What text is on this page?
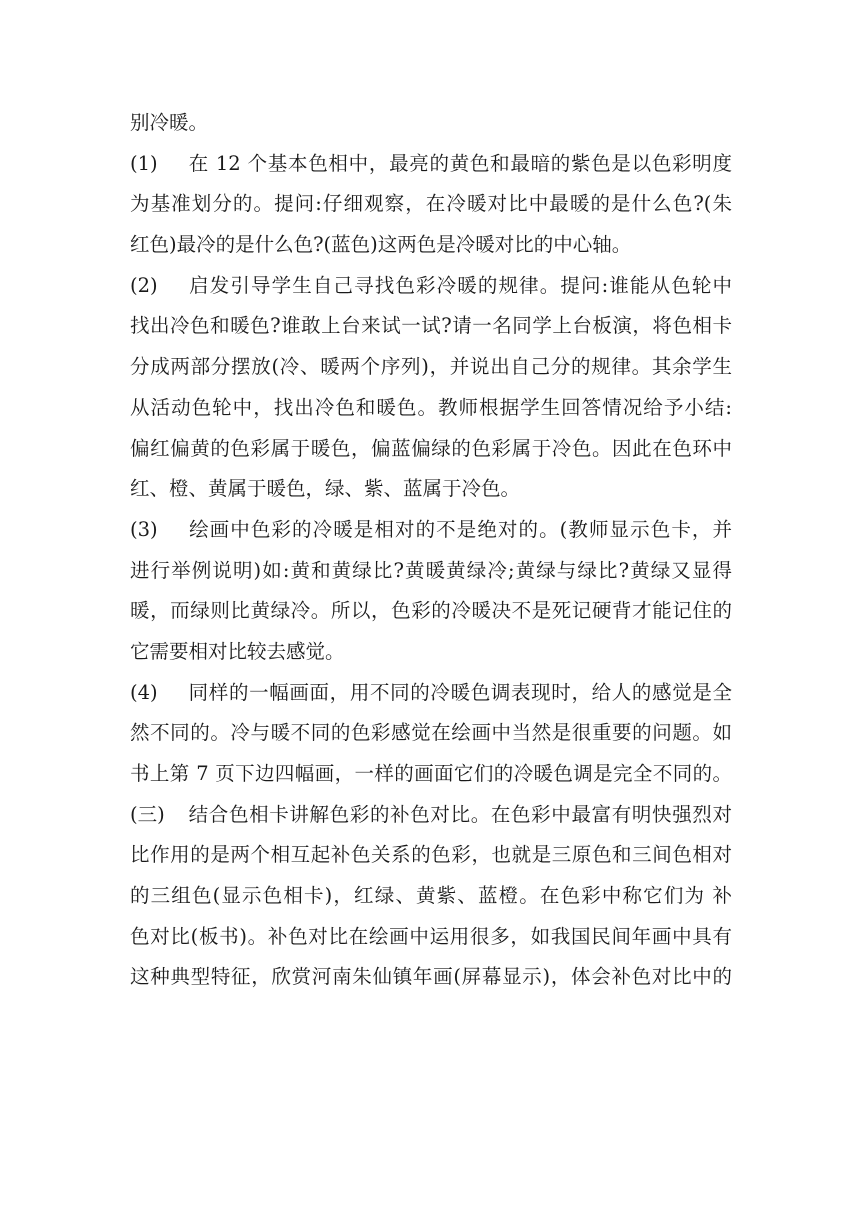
别冷暖。
(1) 在 12 个基本色相中，最亮的黄色和最暗的紫色是以色彩明度
为基准划分的。提问:仔细观察，在冷暖对比中最暖的是什么色?(朱
红色)最冷的是什么色?(蓝色)这两色是冷暖对比的中心轴。
(2) 启发引导学生自己寻找色彩冷暖的规律。提问:谁能从色轮中
找出冷色和暖色?谁敢上台来试一试?请一名同学上台板演，将色相卡
分成两部分摆放(冷、暖两个序列)，并说出自己分的规律。其余学生
从活动色轮中，找出冷色和暖色。教师根据学生回答情况给予小结:
偏红偏黄的色彩属于暖色，偏蓝偏绿的色彩属于冷色。因此在色环中
红、橙、黄属于暖色，绿、紫、蓝属于冷色。
(3) 绘画中色彩的冷暖是相对的不是绝对的。(教师显示色卡，并
进行举例说明)如:黄和黄绿比?黄暖黄绿冷;黄绿与绿比?黄绿又显得
暖，而绿则比黄绿冷。所以，色彩的冷暖决不是死记硬背才能记住的
它需要相对比较去感觉。
(4) 同样的一幅画面，用不同的冷暖色调表现时，给人的感觉是全
然不同的。冷与暖不同的色彩感觉在绘画中当然是很重要的问题。如
书上第 7 页下边四幅画，一样的画面它们的冷暖色调是完全不同的。
(三) 结合色相卡讲解色彩的补色对比。在色彩中最富有明快强烈对
比作用的是两个相互起补色关系的色彩，也就是三原色和三间色相对
的三组色(显示色相卡)，红绿、黄紫、蓝橙。在色彩中称它们为 补
色对比(板书)。补色对比在绘画中运用很多，如我国民间年画中具有
这种典型特征，欣赏河南朱仙镇年画(屏幕显示)，体会补色对比中的
